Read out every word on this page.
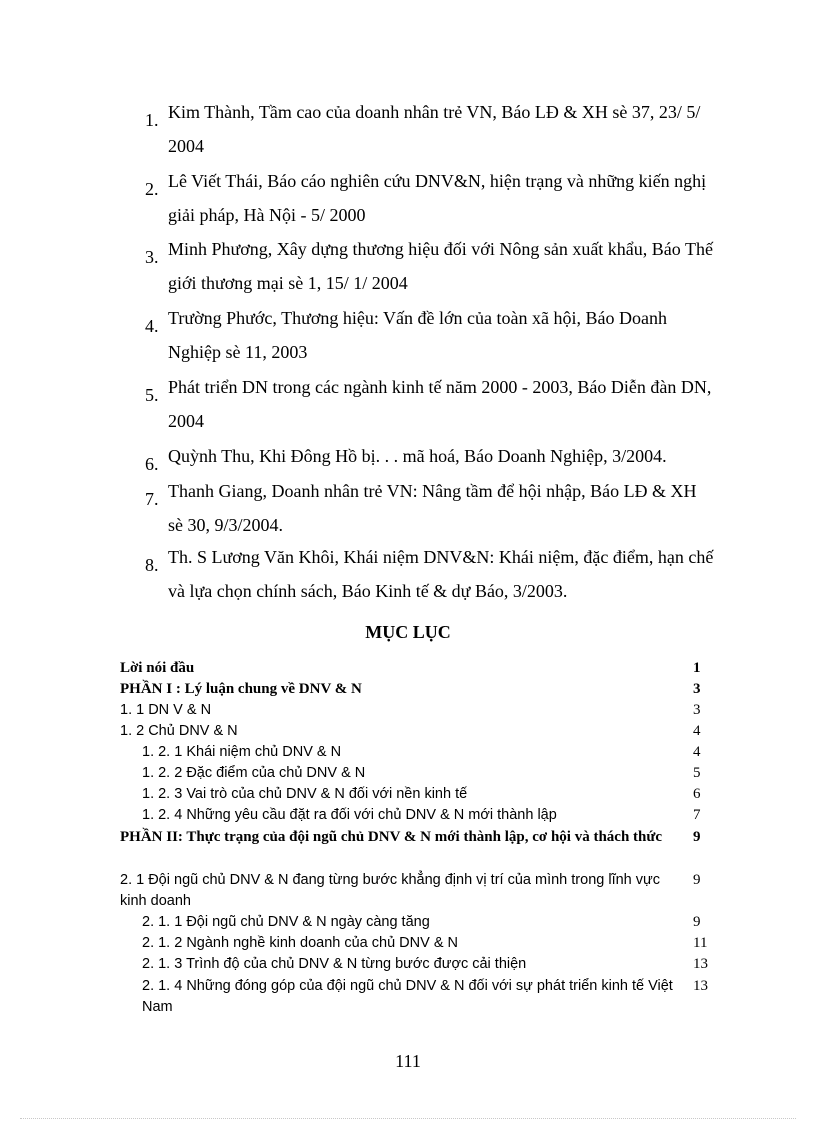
1. Kim Thành, Tầm cao của doanh nhân trẻ VN, Báo LĐ & XH sè 37, 23/ 5/
2004
2. Lê Viết Thái, Báo cáo nghiên cứu DNV&N, hiện trạng và những kiến nghị
giải pháp, Hà Nội - 5/ 2000
3. Minh Phương, Xây dựng thương hiệu đối với Nông sản xuất khẩu, Báo Thế
giới thương mại sè 1, 15/ 1/ 2004
4. Trường Phước, Thương hiệu: Vấn đề lớn của toàn xã hội, Báo Doanh
Nghiệp sè 11, 2003
5. Phát triển DN trong các ngành kinh tế năm 2000 - 2003, Báo Diễn đàn DN,
2004
6. Quỳnh Thu, Khi Đông Hồ bị. . . mã hoá, Báo Doanh Nghiệp, 3/2004.
7. Thanh Giang, Doanh nhân trẻ VN: Nâng tầm để hội nhập, Báo LĐ & XH
sè 30, 9/3/2004.
8. Th. S Lương Văn Khôi, Khái niệm DNV&N: Khái niệm, đặc điểm, hạn chế
và lựa chọn chính sách, Báo Kinh tế & dự Báo, 3/2003.
MỤC LỤC
Lời nói đầu	1
PHẦN I : Lý luận chung về DNV & N	3
1. 1 DN V & N	3
1. 2 Chủ DNV & N	4
1. 2. 1 Khái niệm chủ DNV & N	4
1. 2. 2 Đặc điểm của chủ DNV & N	5
1. 2. 3 Vai trò của chủ DNV & N đối với nền kinh tế	6
1. 2. 4 Những yêu cầu đặt ra đối với chủ DNV & N mới thành lập	7
PHẦN II: Thực trạng của đội ngũ chủ DNV & N mới thành lập, cơ hội và thách thức	9
2. 1 Đội ngũ chủ DNV & N đang từng bước khẳng định vị trí của mình trong lĩnh vực kinh doanh
9
2. 1. 1 Đội ngũ chủ DNV & N ngày càng tăng	9
2. 1. 2 Ngành nghề kinh doanh của chủ DNV & N	11
2. 1. 3 Trình độ của chủ DNV & N từng bước được cải thiện	13
2. 1. 4 Những đóng góp của đội ngũ chủ DNV & N đối với sự phát triển kinh tế Việt Nam
13
111
